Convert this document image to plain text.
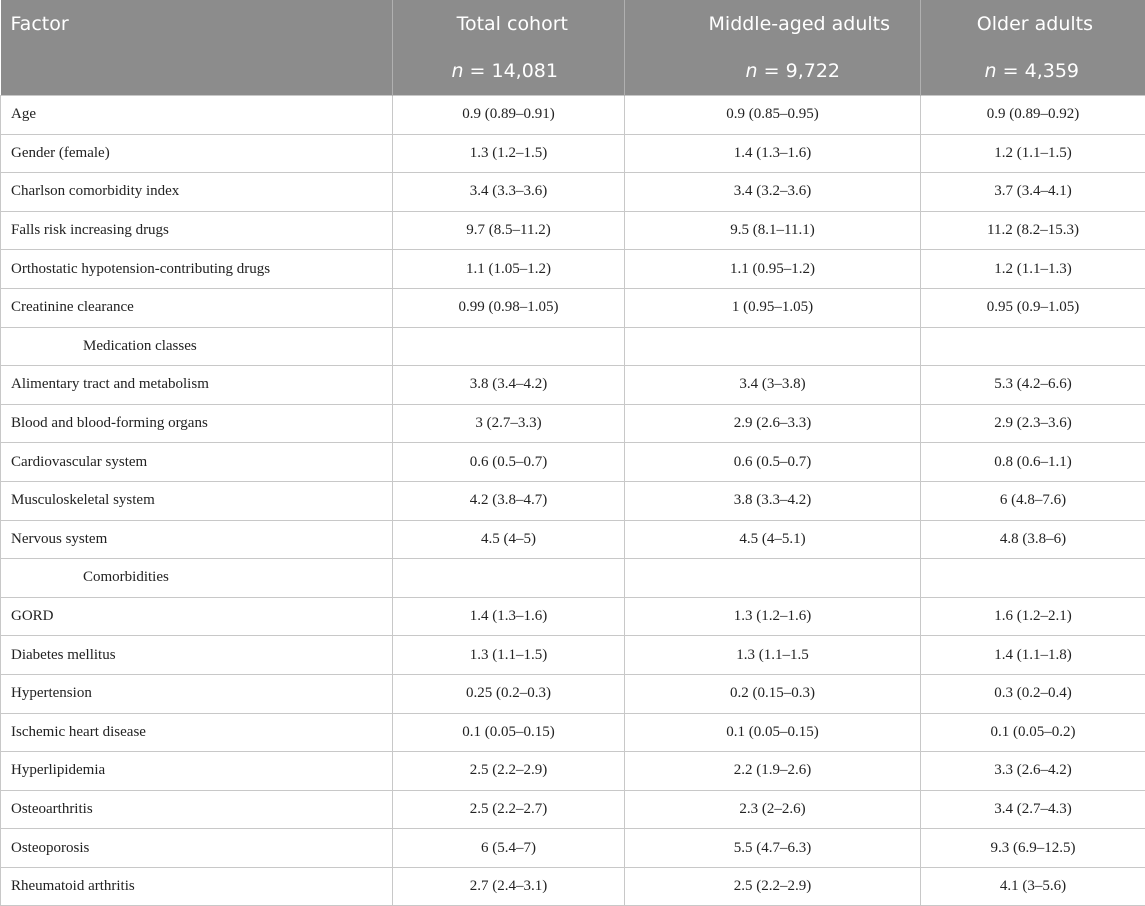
Factor	Total cohort	Middle-aged adults	Older adults
	n = 14,081	n = 9,722	n = 4,359
Age	0.9 (0.89–0.91)	0.9 (0.85–0.95)	0.9 (0.89–0.92)
Gender (female)	1.3 (1.2–1.5)	1.4 (1.3–1.6)	1.2 (1.1–1.5)
Charlson comorbidity index	3.4 (3.3–3.6)	3.4 (3.2–3.6)	3.7 (3.4–4.1)
Falls risk increasing drugs	9.7 (8.5–11.2)	9.5 (8.1–11.1)	11.2 (8.2–15.3)
Orthostatic hypotension-contributing drugs	1.1 (1.05–1.2)	1.1 (0.95–1.2)	1.2 (1.1–1.3)
Creatinine clearance	0.99 (0.98–1.05)	1 (0.95–1.05)	0.95 (0.9–1.05)
Medication classes			
Alimentary tract and metabolism	3.8 (3.4–4.2)	3.4 (3–3.8)	5.3 (4.2–6.6)
Blood and blood-forming organs	3 (2.7–3.3)	2.9 (2.6–3.3)	2.9 (2.3–3.6)
Cardiovascular system	0.6 (0.5–0.7)	0.6 (0.5–0.7)	0.8 (0.6–1.1)
Musculoskeletal system	4.2 (3.8–4.7)	3.8 (3.3–4.2)	6 (4.8–7.6)
Nervous system	4.5 (4–5)	4.5 (4–5.1)	4.8 (3.8–6)
Comorbidities			
GORD	1.4 (1.3–1.6)	1.3 (1.2–1.6)	1.6 (1.2–2.1)
Diabetes mellitus	1.3 (1.1–1.5)	1.3 (1.1–1.5	1.4 (1.1–1.8)
Hypertension	0.25 (0.2–0.3)	0.2 (0.15–0.3)	0.3 (0.2–0.4)
Ischemic heart disease	0.1 (0.05–0.15)	0.1 (0.05–0.15)	0.1 (0.05–0.2)
Hyperlipidemia	2.5 (2.2–2.9)	2.2 (1.9–2.6)	3.3 (2.6–4.2)
Osteoarthritis	2.5 (2.2–2.7)	2.3 (2–2.6)	3.4 (2.7–4.3)
Osteoporosis	6 (5.4–7)	5.5 (4.7–6.3)	9.3 (6.9–12.5)
Rheumatoid arthritis	2.7 (2.4–3.1)	2.5 (2.2–2.9)	4.1 (3–5.6)
